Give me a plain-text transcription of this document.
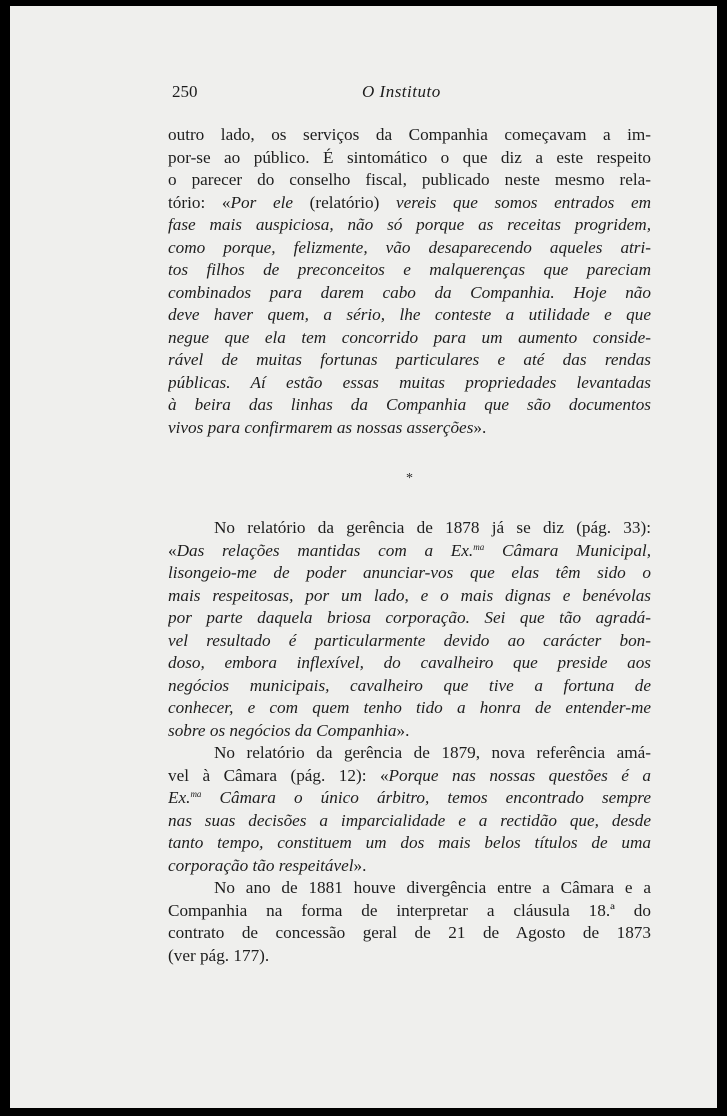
250	O Instituto
outro lado, os serviços da Companhia começavam a im-
por-se ao público. É sintomático o que diz a este respeito
o parecer do conselho fiscal, publicado neste mesmo rela-
tório: «Por ele (relatório) vereis que somos entrados em
fase mais auspiciosa, não só porque as receitas progridem,
como porque, felizmente, vão desaparecendo aqueles atri-
tos filhos de preconceitos e malquerenças que pareciam
combinados para darem cabo da Companhia. Hoje não
deve haver quem, a sério, lhe conteste a utilidade e que
negue que ela tem concorrido para um aumento conside-
rável de muitas fortunas particulares e até das rendas
públicas. Aí estão essas muitas propriedades levantadas
à beira das linhas da Companhia que são documentos
vivos para confirmarem as nossas asserções».
*
No relatório da gerência de 1878 já se diz (pág. 33):
«Das relações mantidas com a Ex.$^{ma}$ Câmara Municipal,
lisongeio-me de poder anunciar-vos que elas têm sido o
mais respeitosas, por um lado, e o mais dignas e benévolas
por parte daquela briosa corporação. Sei que tão agradá-
vel resultado é particularmente devido ao carácter bon-
doso, embora inflexível, do cavalheiro que preside aos
negócios municipais, cavalheiro que tive a fortuna de
conhecer, e com quem tenho tido a honra de entender-me
sobre os negócios da Companhia».
No relatório da gerência de 1879, nova referência amá-
vel à Câmara (pág. 12): «Porque nas nossas questões é a
Ex.$^{ma}$ Câmara o único árbitro, temos encontrado sempre
nas suas decisões a imparcialidade e a rectidão que, desde
tanto tempo, constituem um dos mais belos títulos de uma
corporação tão respeitável».
No ano de 1881 houve divergência entre a Câmara e a
Companhia na forma de interpretar a cláusula 18.ª do
contrato de concessão geral de 21 de Agosto de 1873
(ver pág. 177).
